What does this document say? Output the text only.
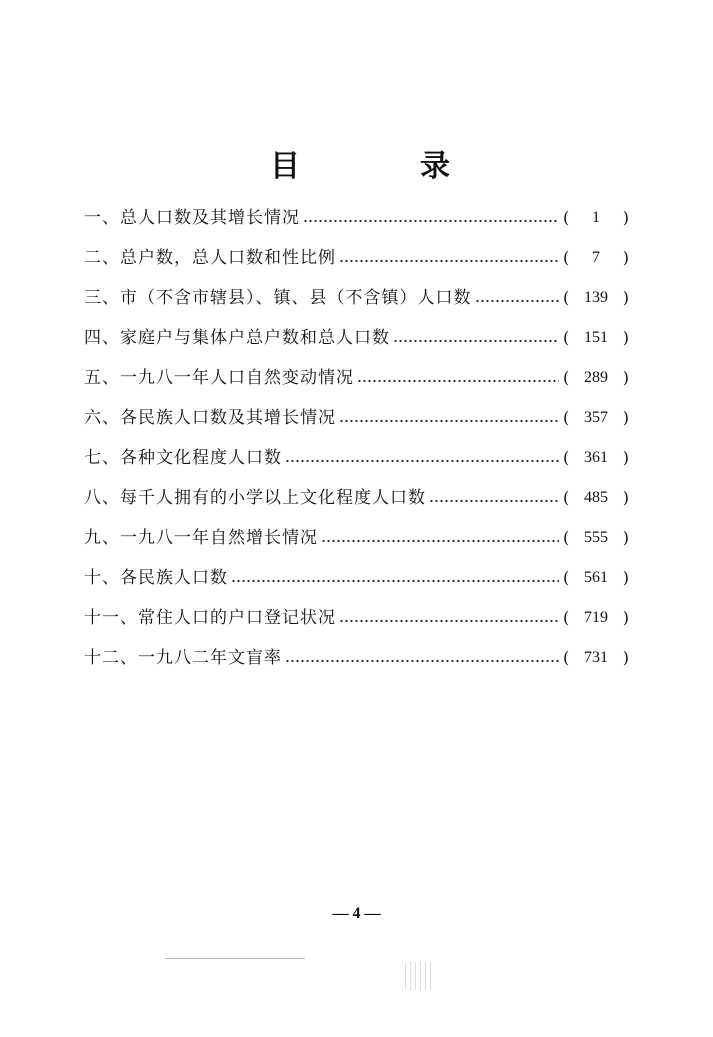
目	录
一、总人口数及其增长情况	(	1	)
二、总户数，总人口数和性比例	(	7	)
三、市（不含市辖县）、镇、县（不含镇）人口数	( 139 )
四、家庭户与集体户总户数和总人口数	( 151 )
五、一九八一年人口自然变动情况	( 289 )
六、各民族人口数及其增长情况	( 357 )
七、各种文化程度人口数	( 361 )
八、每千人拥有的小学以上文化程度人口数	( 485 )
九、一九八一年自然增长情况	( 555 )
十、各民族人口数	( 561 )
十一、常住人口的户口登记状况	( 719 )
十二、一九八二年文盲率	( 731 )
— 4 —
